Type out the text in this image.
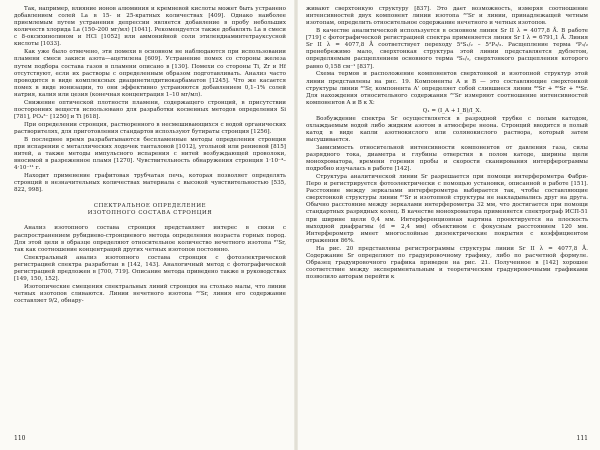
Так, например, влияние ионов алюминия и кремневой кислоты может быть устранено добавлением солей La в 15- и 25-кратных количествах [409]. Однако наиболее приемлемым путем устранения депрессии является добавление в пробу небольших количеств хлорида La (150–200 мг/мл) [1041]. Рекомендуется также добавлять La в смеси с 8-оксихинолином и HCl [1052] или аммонийной соли этилендиаминтетрауксусной кислоты [1033].

Как уже было отмечено, эти помехи в основном не наблюдаются при использовании пламени смеси закиси азота—ацетилена [609]. Устранение помех со стороны железа путем подбора состава газов в пламени описано в [130]. Помехи со стороны Ti, Zr и Hf отсутствуют, если их растворы с определенным образом подготавливать. Анализ часто проводится в виде комплексных диацинетилдитиокарбаматов [1245]. Что же касается помех в виде ионизации, то они эффективно устраняются добавлением 0,1–1% солей натрия, калия или цезия (конечная концентрация 1–10 мг/мл).

Снижение оптической плотности пламени, содержащего стронций, в присутствии посторонних веществ использовано для разработки косвенных методов определения Si [781], PO₄³⁻ [1250] и Ti [618].

При определении стронция, растворенного в несмешивающихся с водой органических растворителях, для приготовления стандартов используют бутираты стронция [1256].

В последнее время разрабатываются беспламенные методы определения стронция при испарении с металлических лодочек танталовой [1012], угольной или рениевой [815] нитей, а также методы импульсного испарения с нитей возбуждающей проволоки, вносимой в разреженное пламя [1270]. Чувствительность обнаружения стронция 1·10⁻⁴–4·10⁻¹¹ г.

Находит применение графитовая трубчатая печь, которая позволяет определять стронций в незначительных количествах материала с высокой чувствительностью [535, 822, 998].

СПЕКТРАЛЬНОЕ ОПРЕДЕЛЕНИЕ
ИЗОТОПНОГО СОСТАВА СТРОНЦИЯ

Анализ изотопного состава стронция представляет интерес в связи с распространением рубидиево-стронциевого метода определения возраста горных пород. Для этой цели в образце определяют относительное количество нечетного изотопа ⁸⁷Sr, так как соотношение концентраций других четных изотопов постоянно.

Спектральный анализ изотопного состава стронция с фотоэлектрической регистрацией спектра разработан в [142, 143]. Аналогичный метод с фотографической регистрацией предложен в [700, 719]. Описание метода приведено также в руководствах [149, 150, 152].

Изотопические смещения спектральных линий стронция на столько малы, что линии четных изотопов сливаются. Линии нечетного изотопа ⁸⁷Sr, линия его содержание составляет 9/2, обнару-

110

живают сверхтонкую структуру [837]. Это дает возможность, измеряя соотношение интенсивностей двух компонент линии изотопа ⁸⁷Sr и линии, принадлежащей четным изотопам, определить относительное содержание нечетного и четных изотопов.

В качестве аналитической используется в основном линия Sr II λ = 4077,8 Å. В работе [719] с фотографической регистрацией спектра применяется линия Sr I λ = 6791,1 Å. Линия Sr II λ = 4077,8 Å соответствует переходу 5²S₁/₂ – 5²P₃/₂. Расщепление терма ²P₃/₂ пренебрежимо мало, сверхтонкая структура этой линии представляется дублетом, определяемым расщеплением основного терма ²S₁/₂, сверхтонкого расщепления которого равно 0,158 см⁻¹ [837].

Схема термов и расположение компонентов сверхтонкой и изотопной структур этой линии представлены на рис. 19. Компоненты A и B — это составляющие сверхтонкой структуры линии ⁸⁷Sr, компонента A' определяет собой слившиеся линии ⁸⁸Sr + ⁸⁶Sr + ⁸⁴Sr. Для нахождения относительного содержания ⁸⁷Sr измеряют соотношение интенсивностей компонентов A и B к X:

Q₁ = (I_A + I_B)/I_X.

Возбуждение спектра Sr осуществляется в разрядной трубке с полым катодом, охлаждаемым водой либо жидким азотом в атмосфере неона. Стронций вводится в полый катод в виде капли азотнокислого или солянокислого раствора, который затем высушивается.

Зависимость относительной интенсивности компонентов от давления газа, силы разрядного тока, диаметра и глубины отверстия в полом катоде, ширины щели монохроматора, времени горения пробы и скорости сканирования интерферограммы подробно изучалась в работе [142].

Структура аналитической линии Sr разрешается при помощи интерферометра Фабри-Перо и регистрируется фотоэлектрически с помощью установки, описанной в работе [151]. Расстояние между зеркалами интерферометра выбирается так, чтобы составляющие сверхтонкой структуры линии ⁸⁷Sr и изотопной структуры не накладывались друг на друга. Обычно расстояние между зеркалами интерферометра 32 мм, что достигается при помощи стандартных разрядных колец. В качестве монохроматора применяется спектрограф ИСП-51 при ширине щели 0,4 мм. Интерференционная картина проектируется на плоскость выходной диафрагмы (d = 2,4 мм) объективом с фокусным расстоянием 120 мм. Интерферометр имеет многослойные диэлектрические покрытия с коэффициентом отражения 86%.

На рис. 20 представлены регистрограммы структуры линии Sr II λ = 4077,8 Å. Содержание Sr определяют по градуировочному графику, либо по расчетной формуле. Образец градуировочного графика приведен на рис. 21. Полученное в [142] хорошее соответствие между экспериментальным и теоретическим градуировочными графиками позволило авторам перейти к

111
